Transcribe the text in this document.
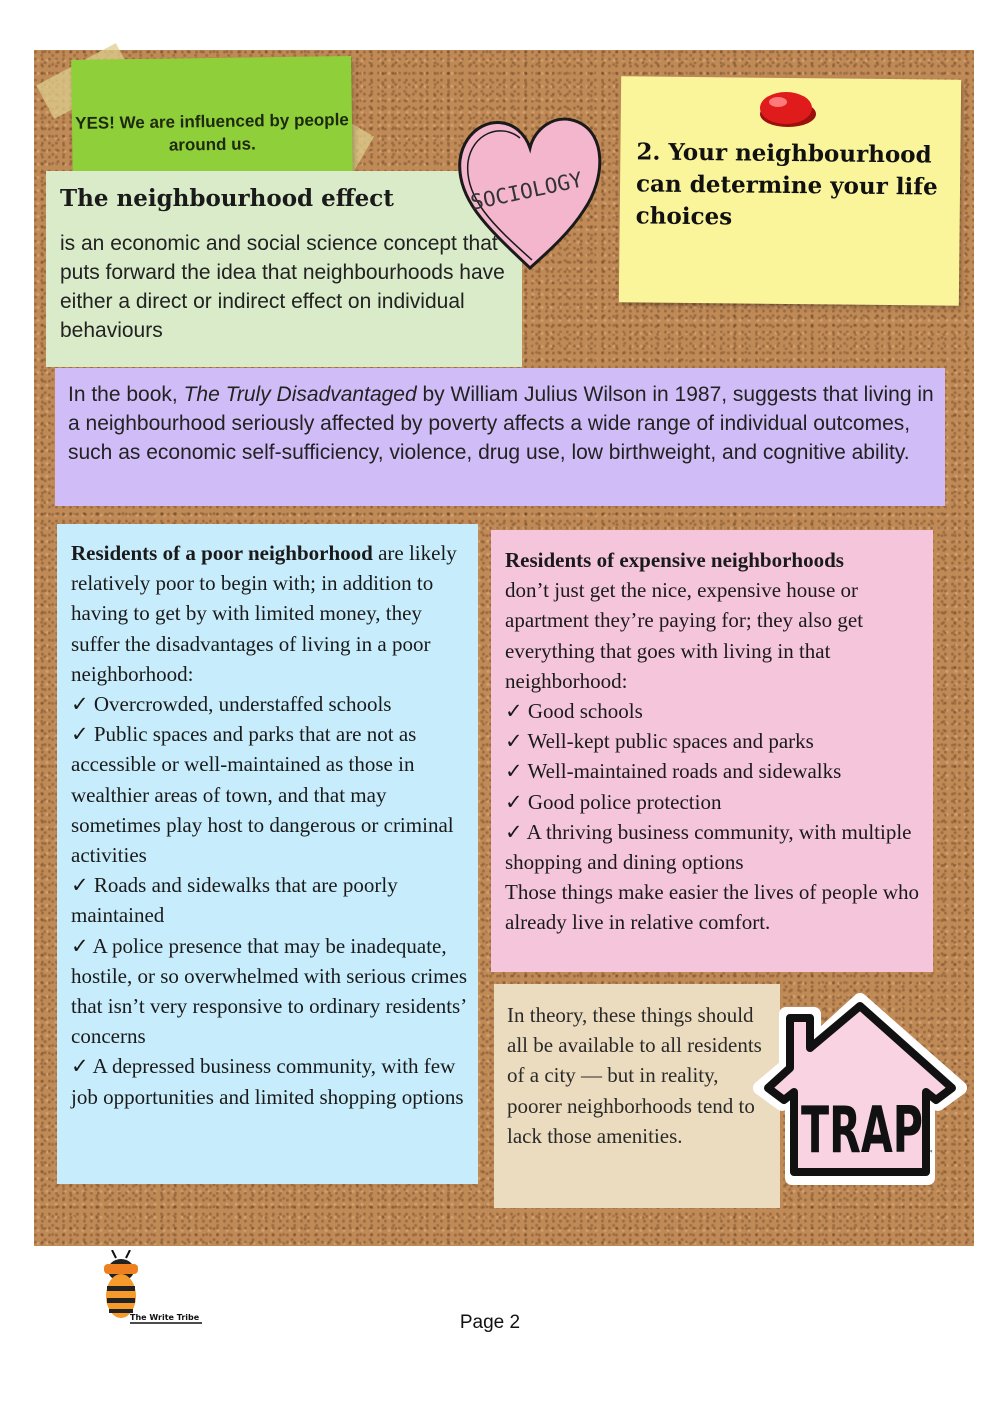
YES! We are influenced by people around us.

The neighbourhood effect

is an economic and social science concept that puts forward the idea that neighbourhoods have either a direct or indirect effect on individual behaviours

SOCIOLOGY

2. Your neighbourhood can determine your life choices

In the book, The Truly Disadvantaged by William Julius Wilson in 1987, suggests that living in a neighbourhood seriously affected by poverty affects a wide range of individual outcomes, such as economic self-sufficiency, violence, drug use, low birthweight, and cognitive ability.

Residents of a poor neighborhood are likely relatively poor to begin with; in addition to having to get by with limited money, they suffer the disadvantages of living in a poor neighborhood:

✓ Overcrowded, understaffed schools

✓ Public spaces and parks that are not as accessible or well-maintained as those in wealthier areas of town, and that may sometimes play host to dangerous or criminal activities

✓ Roads and sidewalks that are poorly maintained

✓ A police presence that may be inadequate, hostile, or so overwhelmed with serious crimes that isn’t very responsive to ordinary residents’ concerns

✓ A depressed business community, with few job opportunities and limited shopping options

Residents of expensive neighborhoods

don’t just get the nice, expensive house or apartment they’re paying for; they also get everything that goes with living in that neighborhood:

✓ Good schools

✓ Well-kept public spaces and parks

✓ Well-maintained roads and sidewalks

✓ Good police protection

✓ A thriving business community, with multiple shopping and dining options

Those things make easier the lives of people who already live in relative comfort.

In theory, these things should all be available to all residents of a city — but in reality, poorer neighborhoods tend to lack those amenities.	TRAP ™
The Write Tribe	Page 2
